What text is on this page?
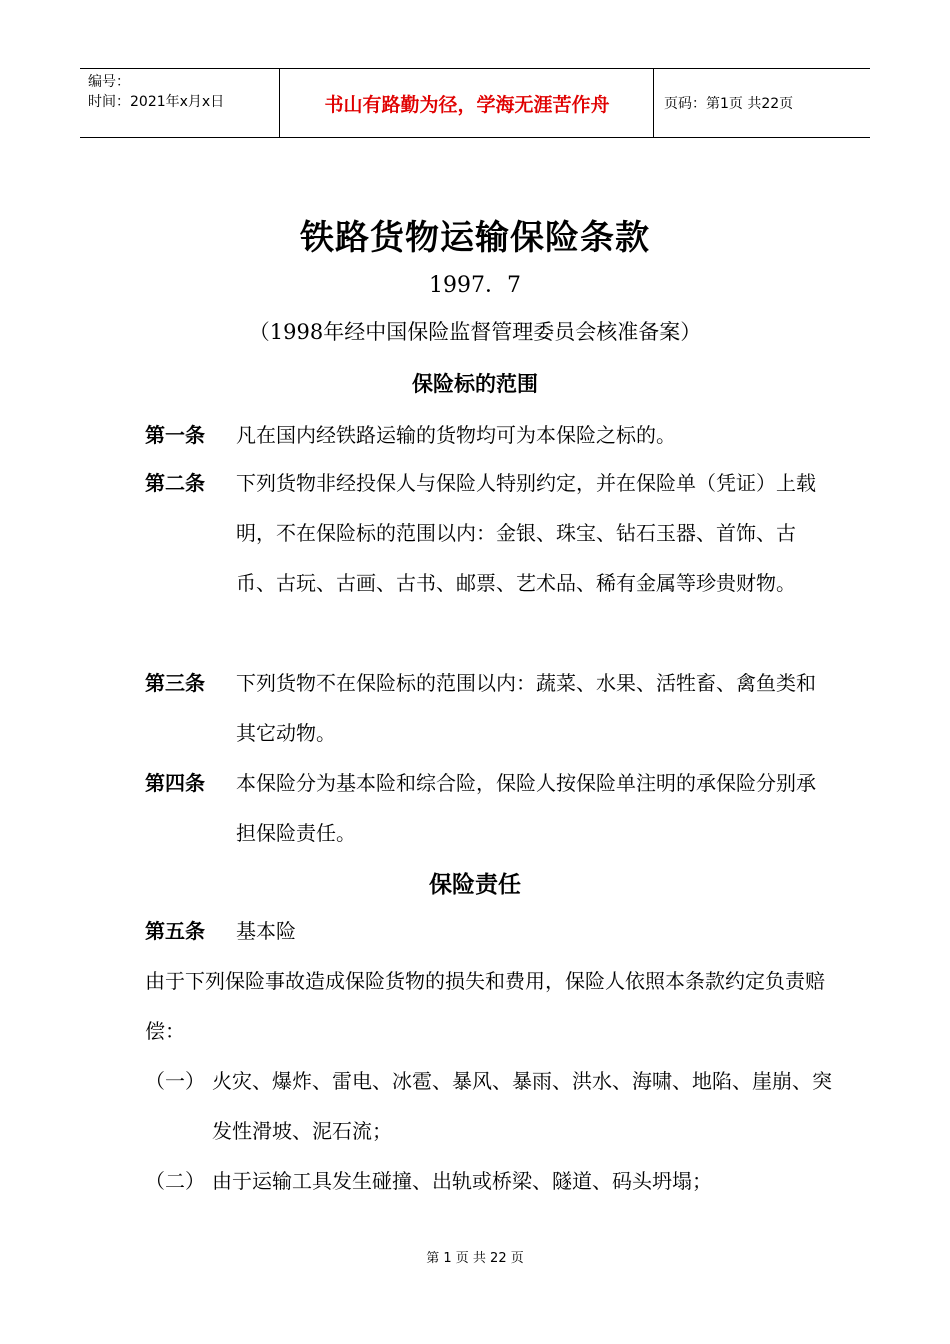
编号：
时间：2021年x月x日	书山有路勤为径，学海无涯苦作舟	页码：第1页 共22页
铁路货物运输保险条款
1997．7
（1998年经中国保险监督管理委员会核准备案）
保险标的范围
第一条 凡在国内经铁路运输的货物均可为本保险之标的。
第二条 下列货物非经投保人与保险人特别约定，并在保险单（凭证）上载明，不在保险标的范围以内：金银、珠宝、钻石玉器、首饰、古币、古玩、古画、古书、邮票、艺术品、稀有金属等珍贵财物。
第三条 下列货物不在保险标的范围以内：蔬菜、水果、活牲畜、禽鱼类和其它动物。
第四条 本保险分为基本险和综合险，保险人按保险单注明的承保险分别承担保险责任。
保险责任
第五条 基本险
由于下列保险事故造成保险货物的损失和费用，保险人依照本条款约定负责赔偿：
（一） 火灾、爆炸、雷电、冰雹、暴风、暴雨、洪水、海啸、地陷、崖崩、突发性滑坡、泥石流；
（二） 由于运输工具发生碰撞、出轨或桥梁、隧道、码头坍塌；
第 1 页 共 22 页
